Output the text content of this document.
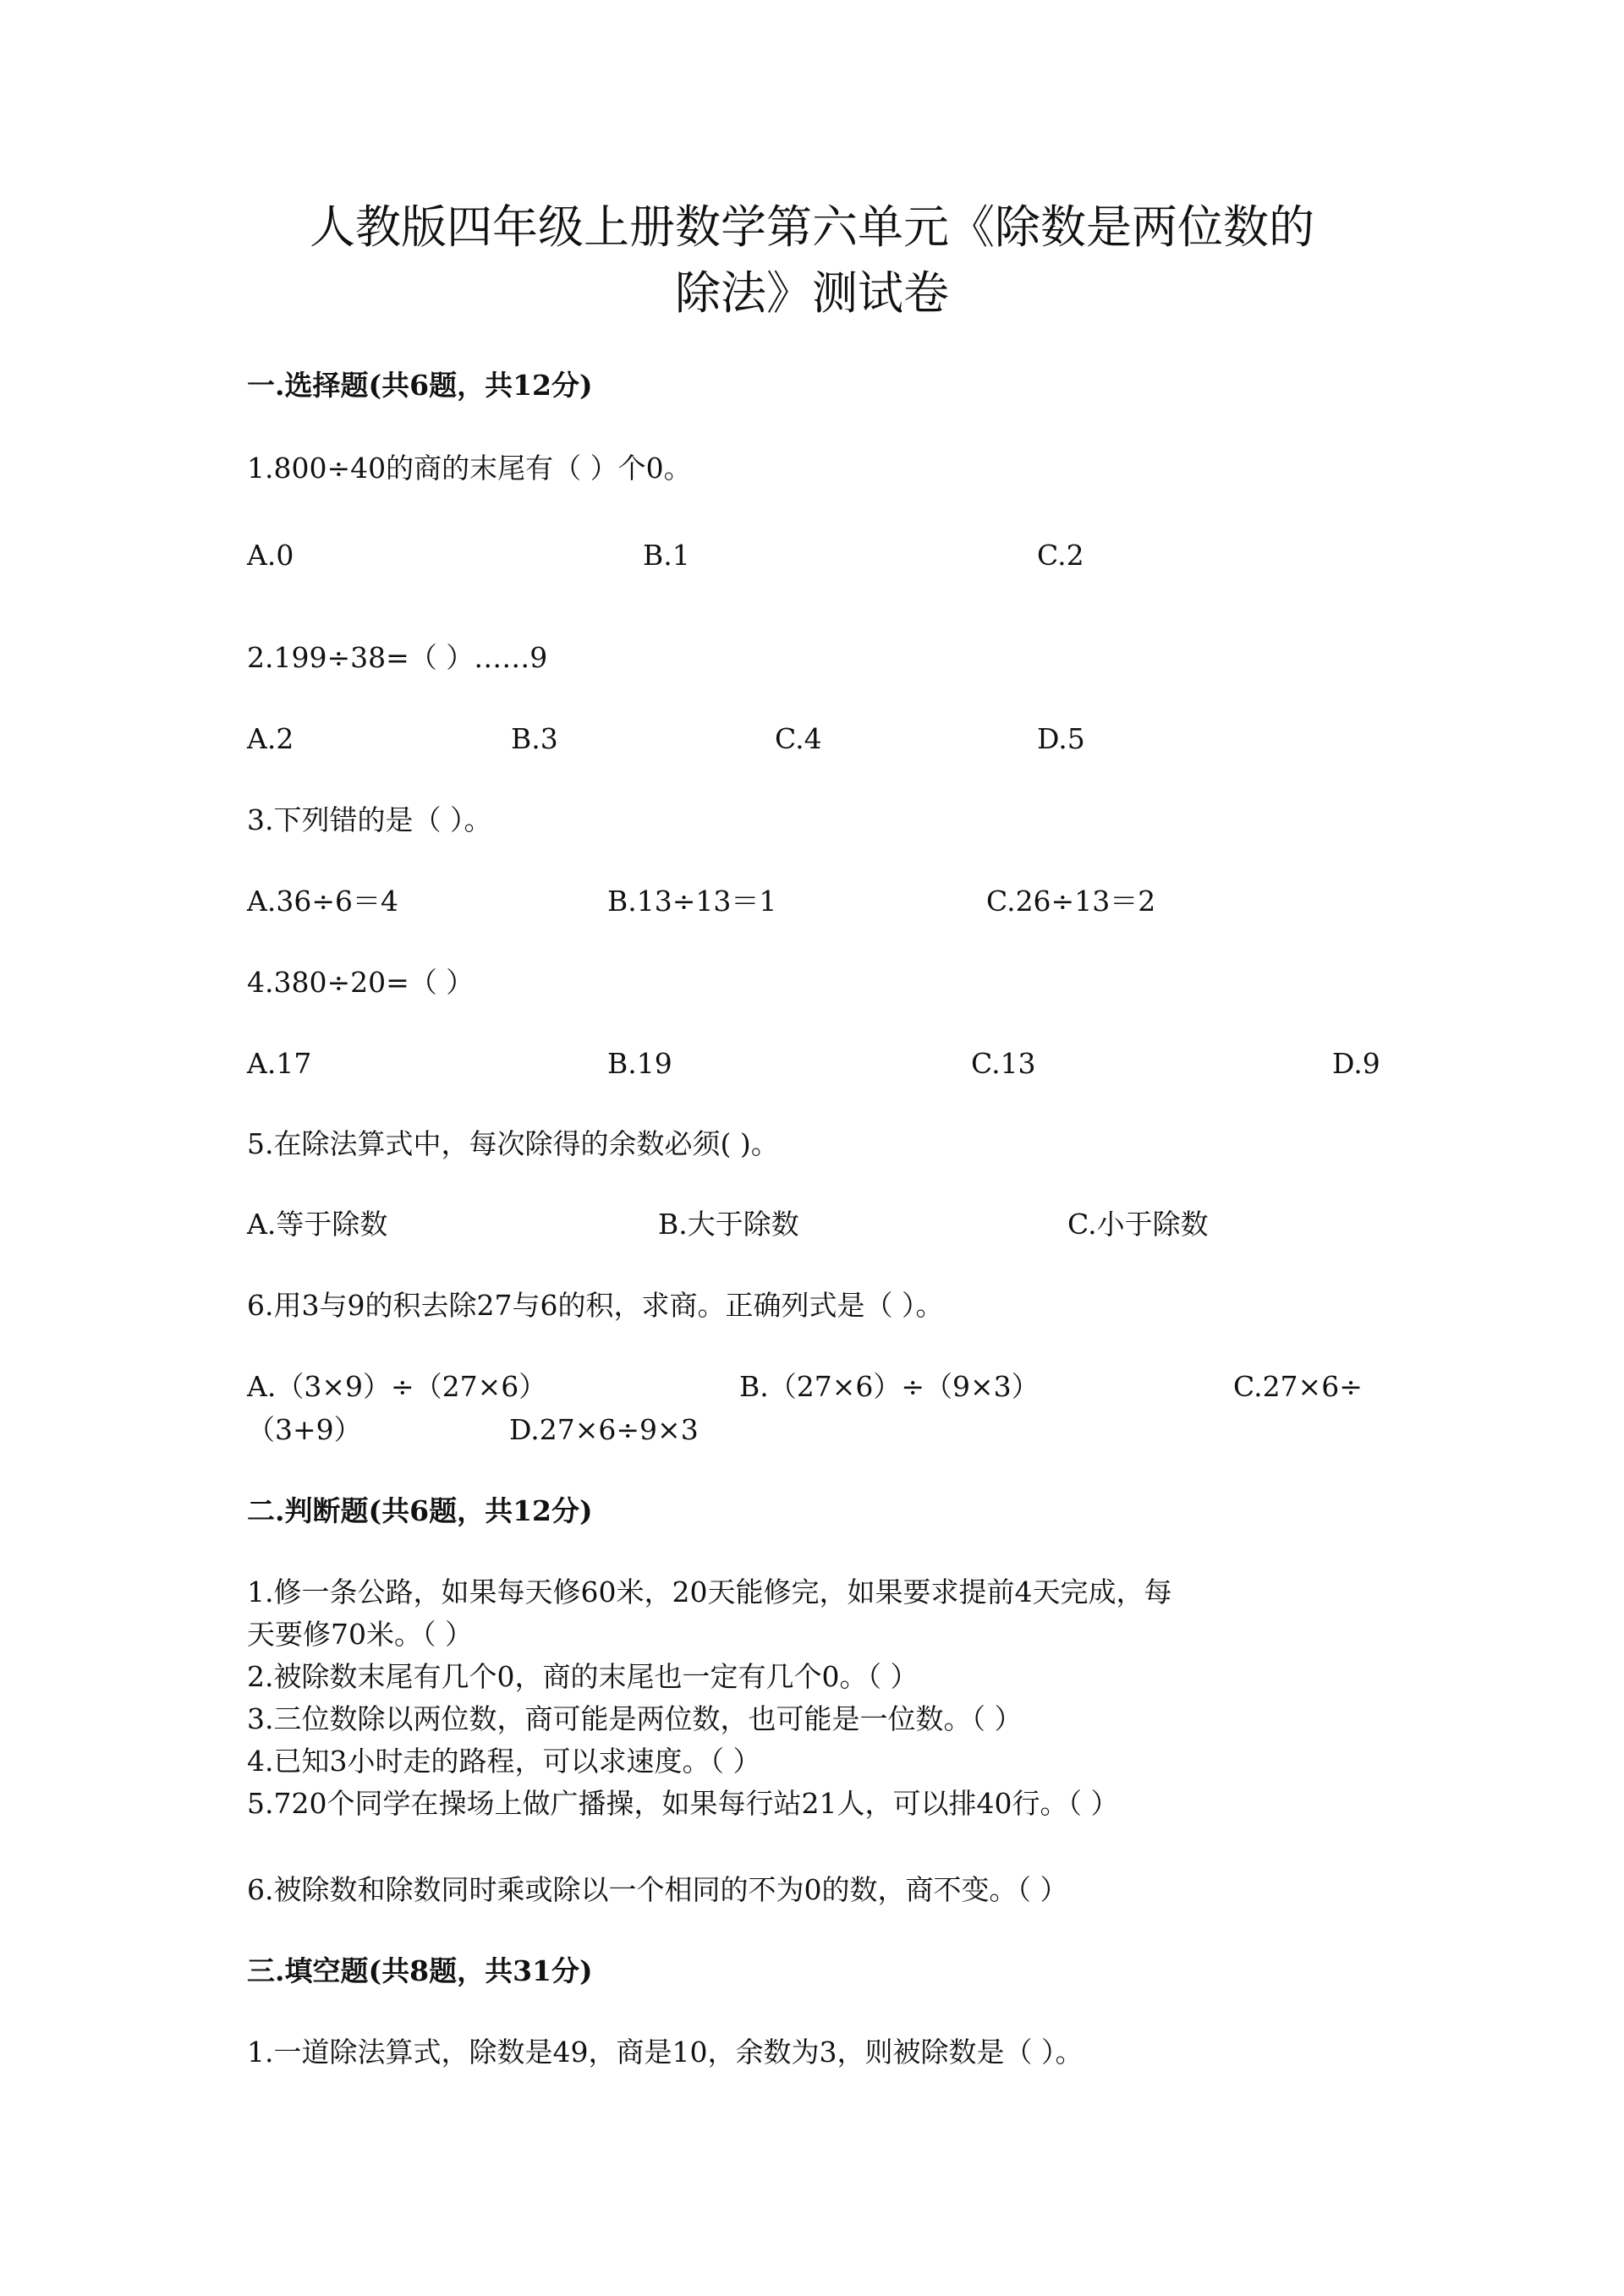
人教版四年级上册数学第六单元《除数是两位数的
除法》测试卷
一.选择题(共6题，共12分)
1.800÷40的商的末尾有（ ）个0。
A.0	B.1	C.2
2.199÷38=（ ）……9
A.2	B.3	C.4	D.5
3.下列错的是（ ）。
A.36÷6＝4	B.13÷13＝1	C.26÷13＝2
4.380÷20=（ ）
A.17	B.19	C.13	D.9
5.在除法算式中，每次除得的余数必须( )。
A.等于除数	B.大于除数	C.小于除数
6.用3与9的积去除27与6的积，求商。正确列式是（ ）。
A.（3×9）÷（27×6）	B.（27×6）÷（9×3）	C.27×6÷
（3+9）	D.27×6÷9×3
二.判断题(共6题，共12分)
1.修一条公路，如果每天修60米，20天能修完，如果要求提前4天完成，每
天要修70米。（ ）
2.被除数末尾有几个0，商的末尾也一定有几个0。（ ）
3.三位数除以两位数，商可能是两位数，也可能是一位数。（ ）
4.已知3小时走的路程，可以求速度。（ ）
5.720个同学在操场上做广播操，如果每行站21人，可以排40行。（ ）
6.被除数和除数同时乘或除以一个相同的不为0的数，商不变。（ ）
三.填空题(共8题，共31分)
1.一道除法算式，除数是49，商是10，余数为3，则被除数是（ ）。
